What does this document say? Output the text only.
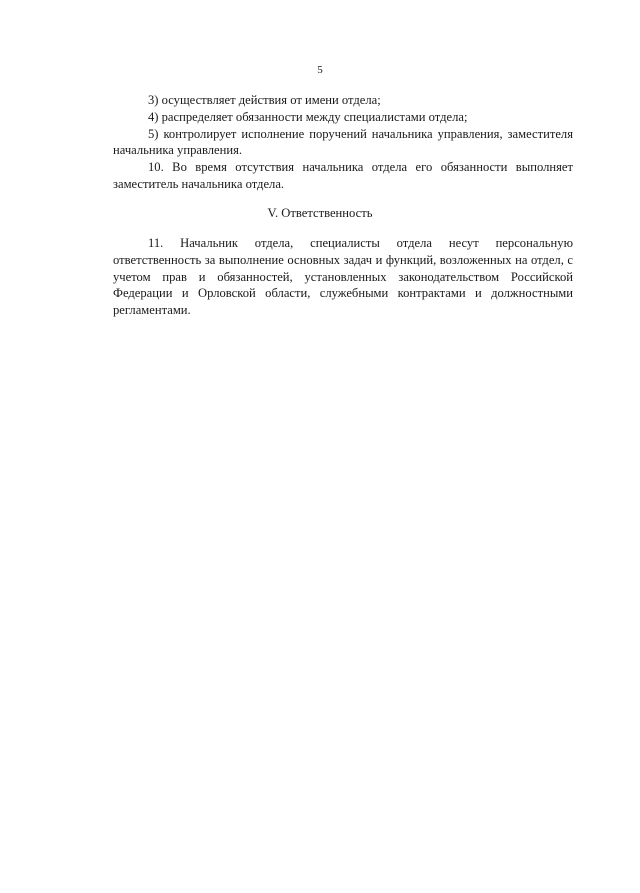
5

3) осуществляет действия от имени отдела;

4) распределяет обязанности между специалистами отдела;

5) контролирует исполнение поручений начальника управления, заместителя начальника управления.

10. Во время отсутствия начальника отдела его обязанности выполняет заместитель начальника отдела.

V. Ответственность

11. Начальник отдела, специалисты отдела несут персональную ответственность за выполнение основных задач и функций, возложенных на отдел, с учетом прав и обязанностей, установленных законодательством Российской Федерации и Орловской области, служебными контрактами и должностными регламентами.
